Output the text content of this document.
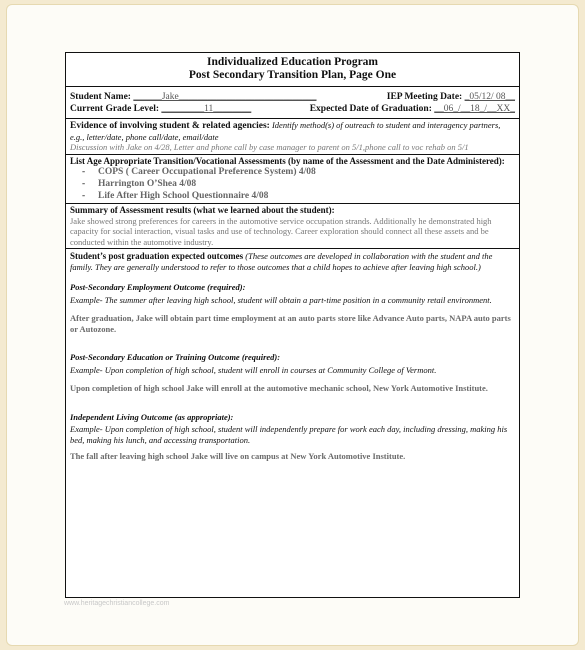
Individualized Education Program
Post Secondary Transition Plan, Page One
Student Name: ______Jake_____________________________	IEP Meeting Date: _05/12/ 08__
Current Grade Level: _________11________	Expected Date of Graduation: __06_/__18_/__XX_
Evidence of involving student & related agencies: Identify method(s) of outreach to student and interagency partners, e.g., letter/date, phone call/date, email/date
Discussion with Jake on 4/28, Letter and phone call by case manager to parent on 5/1,phone call to voc rehab on 5/1
List Age Appropriate Transition/Vocational Assessments (by name of the Assessment and the Date Administered):
-	COPS ( Career Occupational Preference System) 4/08
-	Harrington O’Shea 4/08
-	Life After High School Questionnaire 4/08
Summary of Assessment results (what we learned about the student):
Jake showed strong preferences for careers in the automotive service occupation strands. Additionally he demonstrated high capacity for social interaction, visual tasks and use of technology. Career exploration should connect all these assets and be conducted within the automotive industry.
Student’s post graduation expected outcomes (These outcomes are developed in collaboration with the student and the family. They are generally understood to refer to those outcomes that a child hopes to achieve after leaving high school.)
Post-Secondary Employment Outcome (required):
Example- The summer after leaving high school, student will obtain a part-time position in a community retail environment.
After graduation, Jake will obtain part time employment at an auto parts store like Advance Auto parts, NAPA auto parts or Autozone.
Post-Secondary Education or Training Outcome (required):
Example- Upon completion of high school, student will enroll in courses at Community College of Vermont.
Upon completion of high school Jake will enroll at the automotive mechanic school, New York Automotive Institute.
Independent Living Outcome (as appropriate):
Example- Upon completion of high school, student will independently prepare for work each day, including dressing, making his bed, making his lunch, and accessing transportation.
The fall after leaving high school Jake will live on campus at New York Automotive Institute.
www.heritagechristiancollege.com
